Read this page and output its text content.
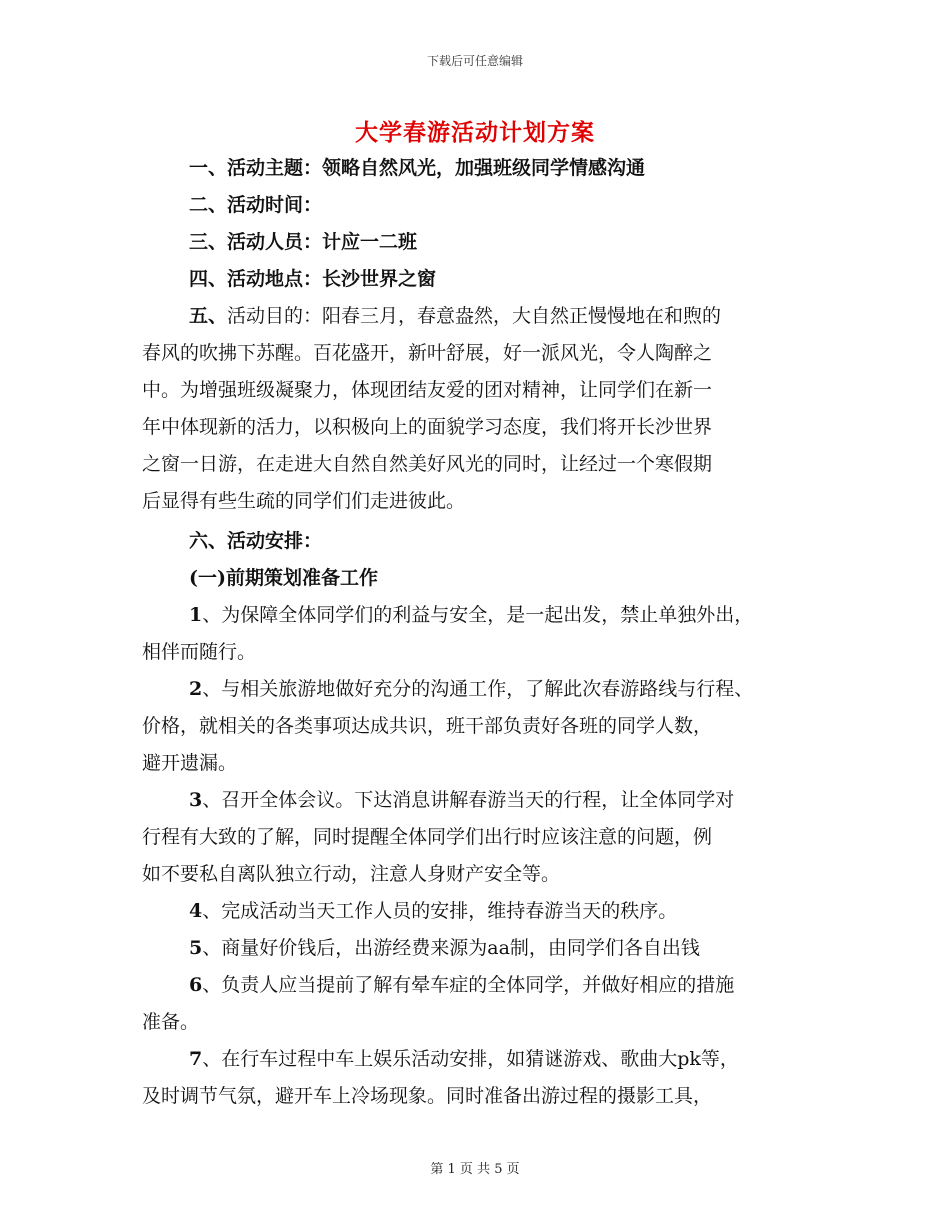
下载后可任意编辑
大学春游活动计划方案
一、活动主题：领略自然风光，加强班级同学情感沟通
二、活动时间：
三、活动人员：计应一二班
四、活动地点：长沙世界之窗
五、活动目的：阳春三月，春意盎然，大自然正慢慢地在和煦的
春风的吹拂下苏醒。百花盛开，新叶舒展，好一派风光，令人陶醉之
中。为增强班级凝聚力，体现团结友爱的团对精神，让同学们在新一
年中体现新的活力，以积极向上的面貌学习态度，我们将开长沙世界
之窗一日游，在走进大自然自然美好风光的同时，让经过一个寒假期
后显得有些生疏的同学们们走进彼此。
六、活动安排：
(一)前期策划准备工作
1、为保障全体同学们的利益与安全，是一起出发，禁止单独外出，
相伴而随行。
2、与相关旅游地做好充分的沟通工作，了解此次春游路线与行程、
价格，就相关的各类事项达成共识，班干部负责好各班的同学人数，
避开遗漏。
3、召开全体会议。下达消息讲解春游当天的行程，让全体同学对
行程有大致的了解，同时提醒全体同学们出行时应该注意的问题，例
如不要私自离队独立行动，注意人身财产安全等。
4、完成活动当天工作人员的安排，维持春游当天的秩序。
5、商量好价钱后，出游经费来源为aa制，由同学们各自出钱
6、负责人应当提前了解有晕车症的全体同学，并做好相应的措施
准备。
7、在行车过程中车上娱乐活动安排，如猜谜游戏、歌曲大pk等，
及时调节气氛，避开车上冷场现象。同时准备出游过程的摄影工具，
第 1 页 共 5 页
